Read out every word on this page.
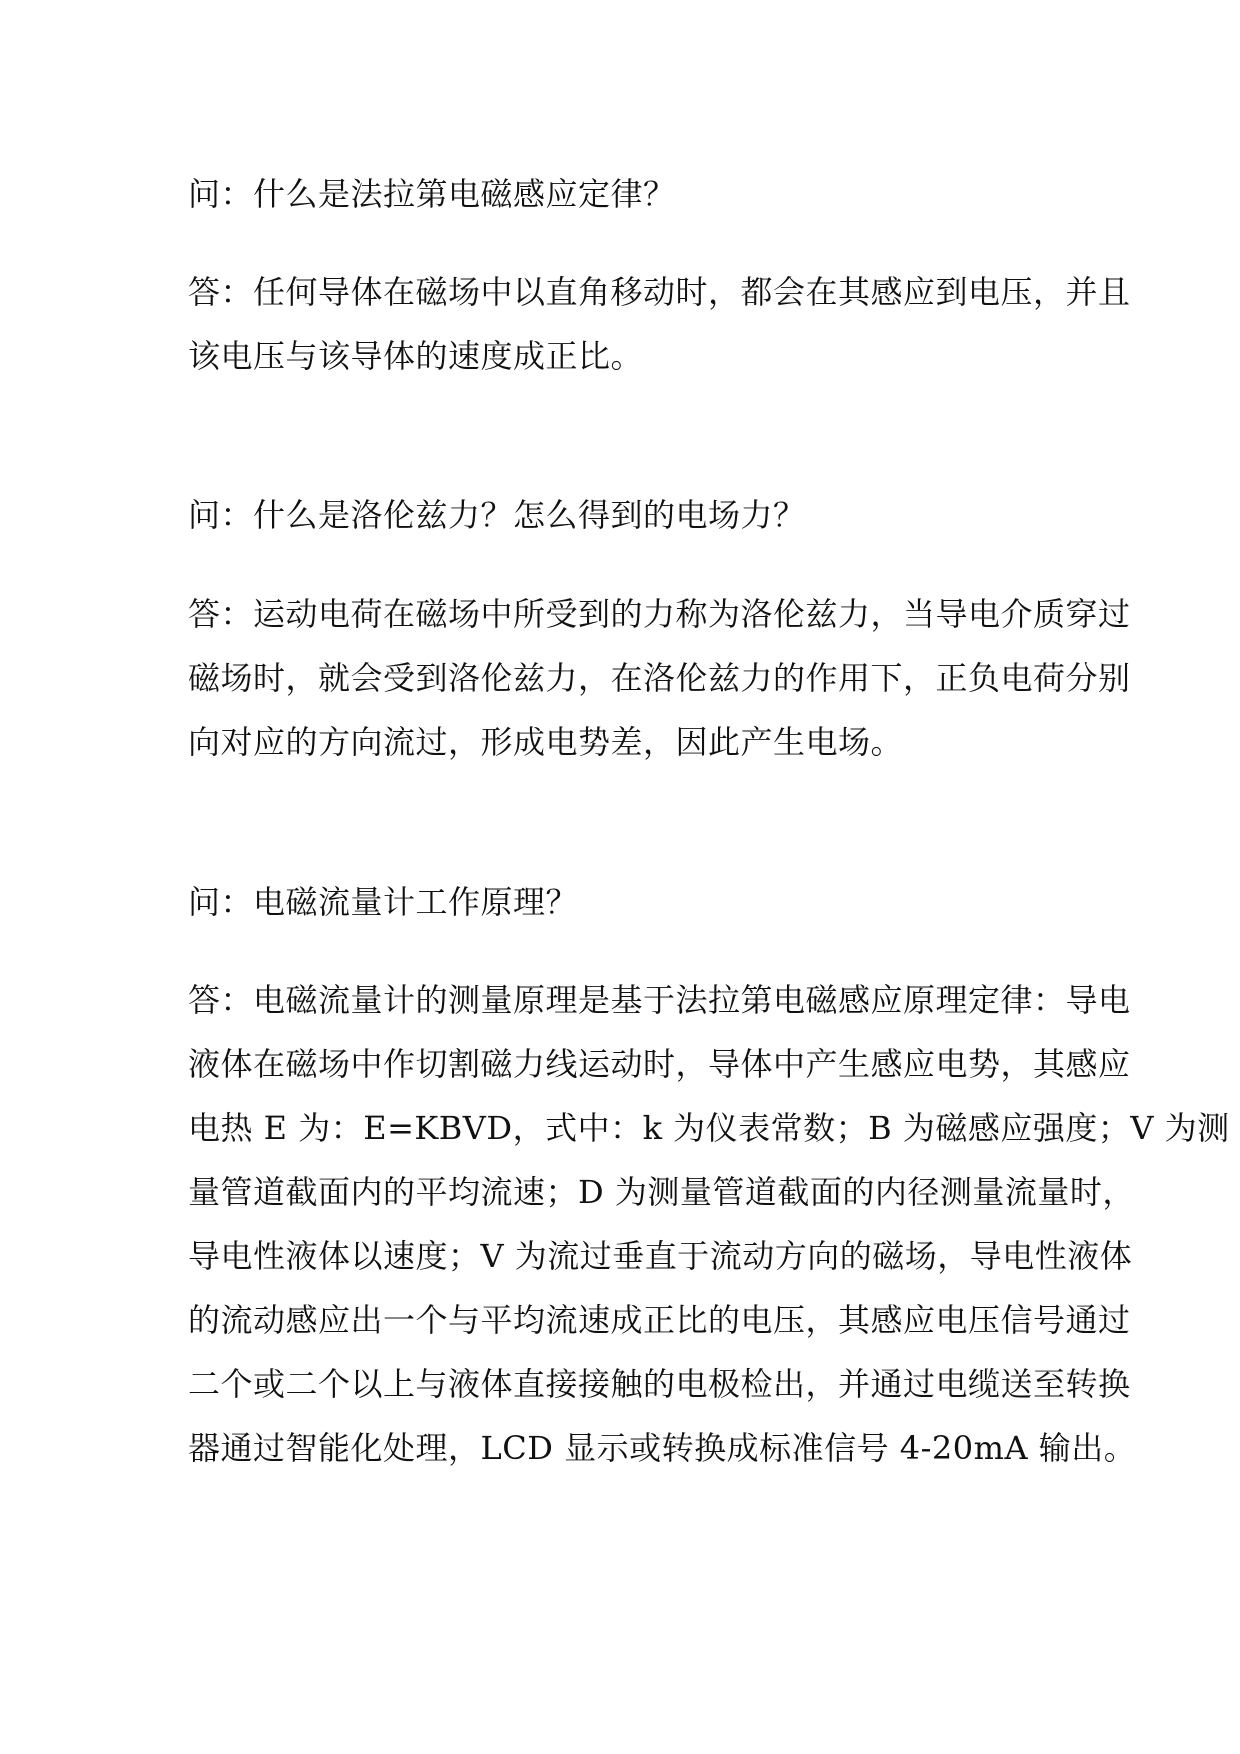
问：什么是法拉第电磁感应定律？
答：任何导体在磁场中以直角移动时，都会在其感应到电压，并且
该电压与该导体的速度成正比。
问：什么是洛伦兹力？怎么得到的电场力？
答：运动电荷在磁场中所受到的力称为洛伦兹力，当导电介质穿过
磁场时，就会受到洛伦兹力，在洛伦兹力的作用下，正负电荷分别
向对应的方向流过，形成电势差，因此产生电场。
问：电磁流量计工作原理？
答：电磁流量计的测量原理是基于法拉第电磁感应原理定律：导电
液体在磁场中作切割磁力线运动时，导体中产生感应电势，其感应
电热 E 为：E=KBVD，式中：k 为仪表常数；B 为磁感应强度；V 为测
量管道截面内的平均流速；D 为测量管道截面的内径测量流量时，
导电性液体以速度；V 为流过垂直于流动方向的磁场，导电性液体
的流动感应出一个与平均流速成正比的电压，其感应电压信号通过
二个或二个以上与液体直接接触的电极检出，并通过电缆送至转换
器通过智能化处理，LCD 显示或转换成标准信号 4-20mA 输出。
